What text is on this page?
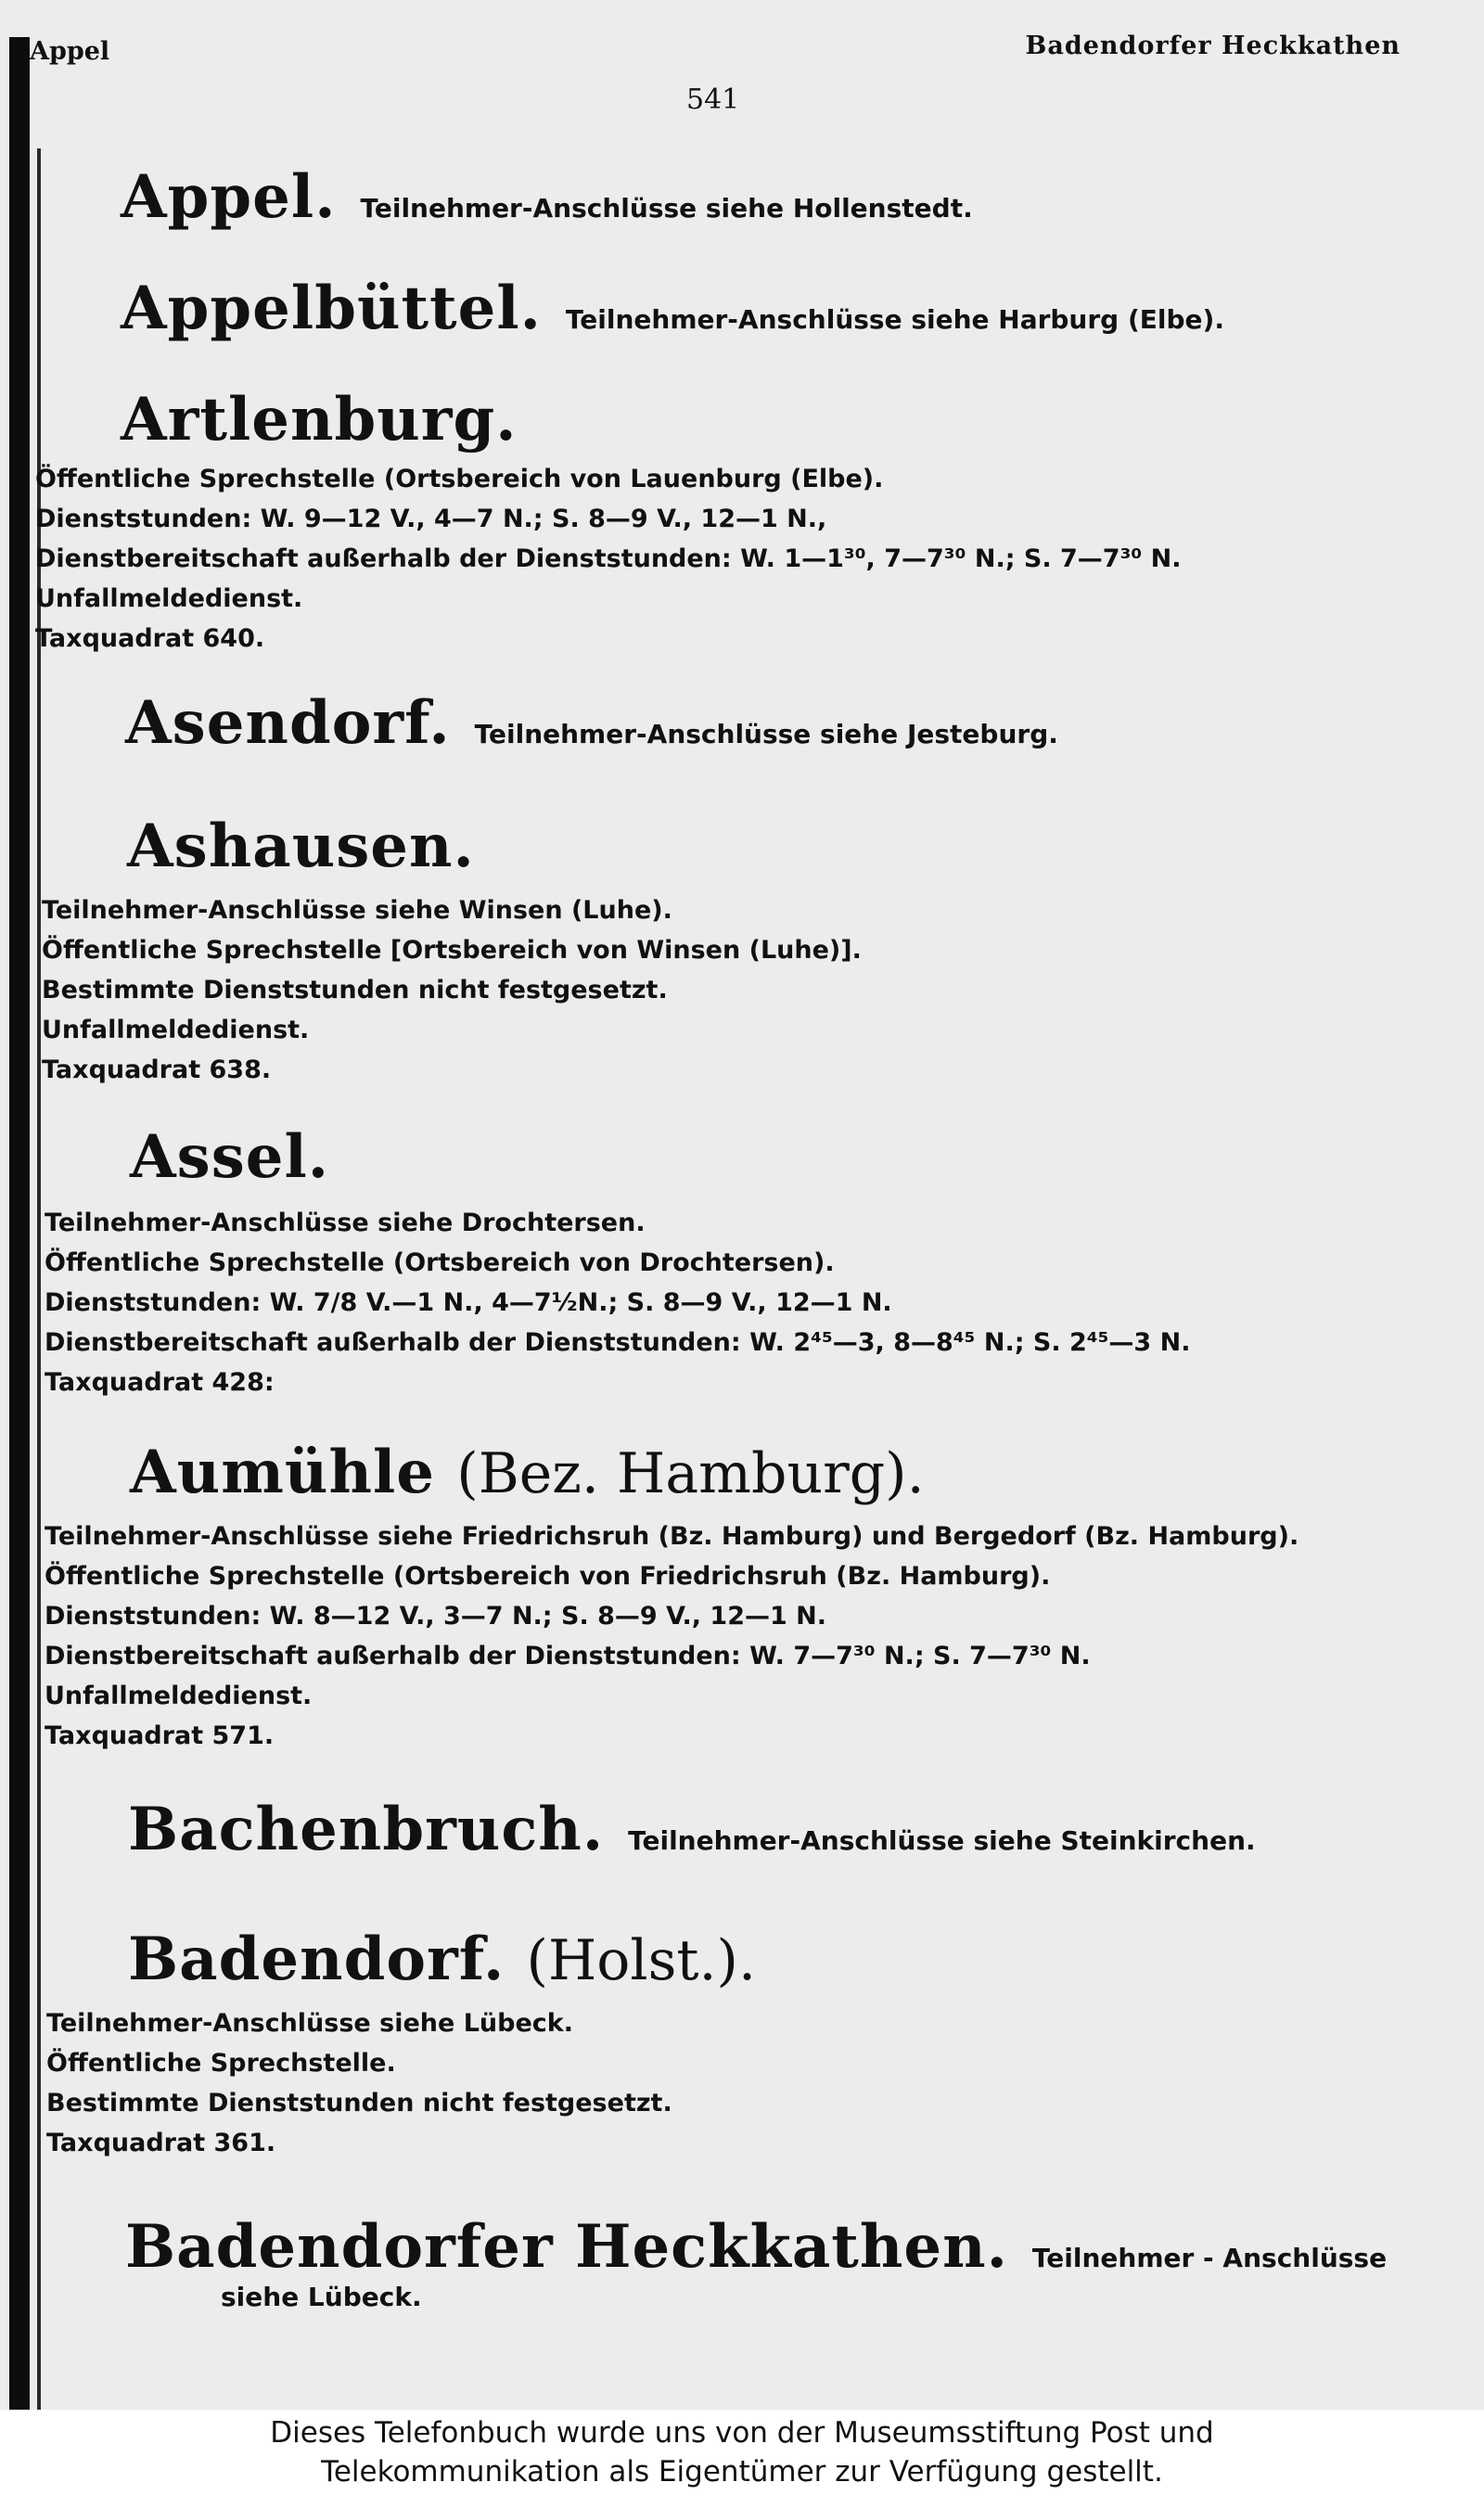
Appel	Badendorfer Heckkathen
541
Appel. Teilnehmer-Anschlüsse siehe Hollenstedt.
Appelbüttel. Teilnehmer-Anschlüsse siehe Harburg (Elbe).
Artlenburg.
Öffentliche Sprechstelle (Ortsbereich von Lauenburg (Elbe).
Dienststunden: W. 9—12 V., 4—7 N.; S. 8—9 V., 12—1 N.,
Dienstbereitschaft außerhalb der Dienststunden: W. 1—1³⁰, 7—7³⁰ N.; S. 7—7³⁰ N.
Unfallmeldedienst.
Taxquadrat 640.
Asendorf. Teilnehmer-Anschlüsse siehe Jesteburg.
Ashausen.
Teilnehmer-Anschlüsse siehe Winsen (Luhe).
Öffentliche Sprechstelle [Ortsbereich von Winsen (Luhe)].
Bestimmte Dienststunden nicht festgesetzt.
Unfallmeldedienst.
Taxquadrat 638.
Assel.
Teilnehmer-Anschlüsse siehe Drochtersen.
Öffentliche Sprechstelle (Ortsbereich von Drochtersen).
Dienststunden: W. 7/8 V.—1 N., 4—7½N.; S. 8—9 V., 12—1 N.
Dienstbereitschaft außerhalb der Dienststunden: W. 2⁴⁵—3, 8—8⁴⁵ N.; S. 2⁴⁵—3 N.
Taxquadrat 428:
Aumühle (Bez. Hamburg).
Teilnehmer-Anschlüsse siehe Friedrichsruh (Bz. Hamburg) und Bergedorf (Bz. Hamburg).
Öffentliche Sprechstelle (Ortsbereich von Friedrichsruh (Bz. Hamburg).
Dienststunden: W. 8—12 V., 3—7 N.; S. 8—9 V., 12—1 N.
Dienstbereitschaft außerhalb der Dienststunden: W. 7—7³⁰ N.; S. 7—7³⁰ N.
Unfallmeldedienst.
Taxquadrat 571.
Bachenbruch. Teilnehmer-Anschlüsse siehe Steinkirchen.
Badendorf. (Holst.).
Teilnehmer-Anschlüsse siehe Lübeck.
Öffentliche Sprechstelle.
Bestimmte Dienststunden nicht festgesetzt.
Taxquadrat 361.
Badendorfer Heckkathen. Teilnehmer - Anschlüsse
siehe Lübeck.
Dieses Telefonbuch wurde uns von der Museumsstiftung Post und
Telekommunikation als Eigentümer zur Verfügung gestellt.
